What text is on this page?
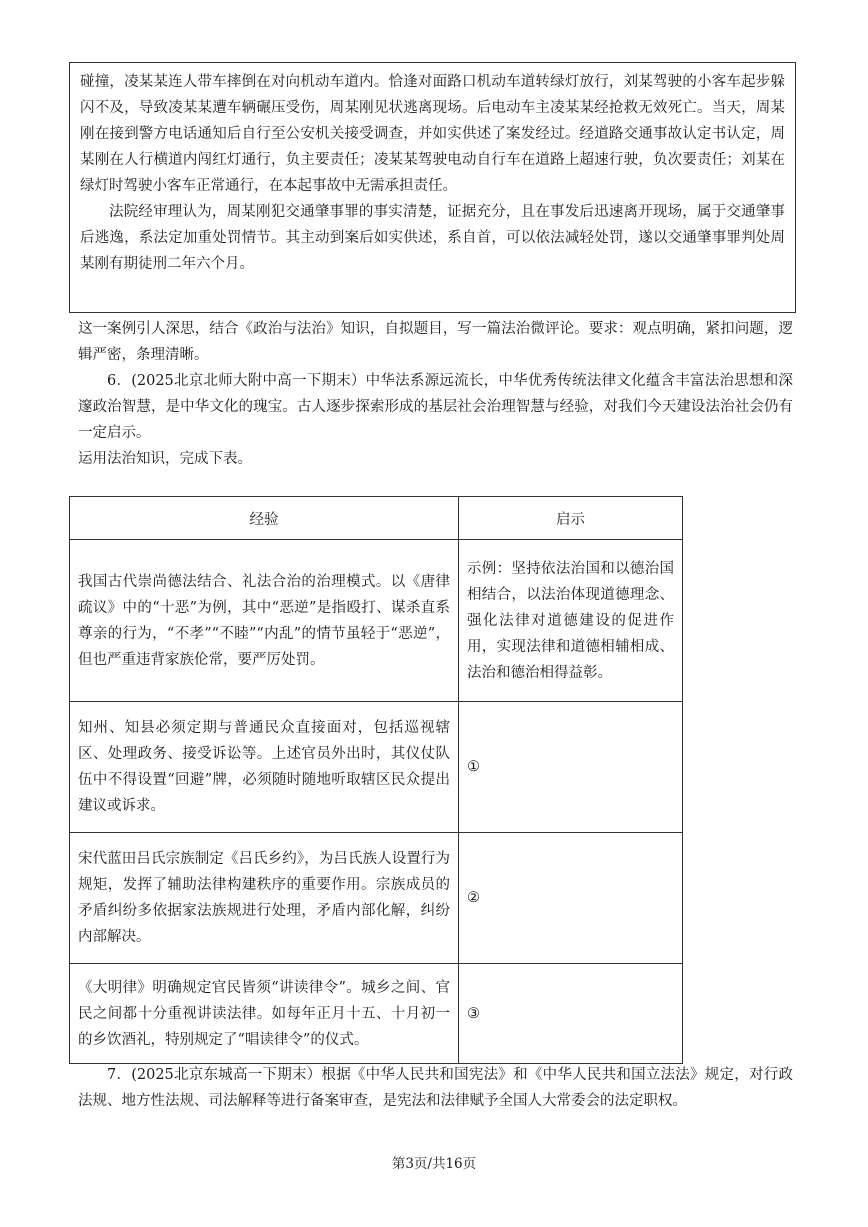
碰撞，凌某某连人带车摔倒在对向机动车道内。恰逢对面路口机动车道转绿灯放行，刘某驾驶的小客车起步躲闪不及，导致凌某某遭车辆碾压受伤，周某刚见状逃离现场。后电动车主凌某某经抢救无效死亡。当天，周某刚在接到警方电话通知后自行至公安机关接受调查，并如实供述了案发经过。经道路交通事故认定书认定，周某刚在人行横道内闯红灯通行，负主要责任；凌某某驾驶电动自行车在道路上超速行驶，负次要责任；刘某在绿灯时驾驶小客车正常通行，在本起事故中无需承担责任。

法院经审理认为，周某刚犯交通肇事罪的事实清楚，证据充分，且在事发后迅速离开现场，属于交通肇事后逃逸，系法定加重处罚情节。其主动到案后如实供述，系自首，可以依法减轻处罚，遂以交通肇事罪判处周某刚有期徒刑二年六个月。

这一案例引人深思，结合《政治与法治》知识，自拟题目，写一篇法治微评论。要求：观点明确，紧扣问题，逻辑严密，条理清晰。

6．(2025北京北师大附中高一下期末）中华法系源远流长，中华优秀传统法律文化蕴含丰富法治思想和深邃政治智慧，是中华文化的瑰宝。古人逐步探索形成的基层社会治理智慧与经验，对我们今天建设法治社会仍有一定启示。

运用法治知识，完成下表。

经验	启示
我国古代崇尚德法结合、礼法合治的治理模式。以《唐律疏议》中的“十恶”为例，其中“恶逆”是指殴打、谋杀直系尊亲的行为，“不孝”“不睦”“内乱”的情节虽轻于“恶逆”，但也严重违背家族伦常，要严厉处罚。	示例：坚持依法治国和以德治国相结合，以法治体现道德理念、强化法律对道德建设的促进作用，实现法律和道德相辅相成、法治和德治相得益彰。
知州、知县必须定期与普通民众直接面对，包括巡视辖区、处理政务、接受诉讼等。上述官员外出时，其仪仗队伍中不得设置“回避”牌，必须随时随地听取辖区民众提出建议或诉求。	①
宋代蓝田吕氏宗族制定《吕氏乡约》，为吕氏族人设置行为规矩，发挥了辅助法律构建秩序的重要作用。宗族成员的矛盾纠纷多依据家法族规进行处理，矛盾内部化解，纠纷内部解决。	②
《大明律》明确规定官民皆须“讲读律令”。城乡之间、官民之间都十分重视讲读法律。如每年正月十五、十月初一的乡饮酒礼，特别规定了“唱读律令”的仪式。	③

7．(2025北京东城高一下期末）根据《中华人民共和国宪法》和《中华人民共和国立法法》规定，对行政法规、地方性法规、司法解释等进行备案审查，是宪法和法律赋予全国人大常委会的法定职权。

第3页/共16页
